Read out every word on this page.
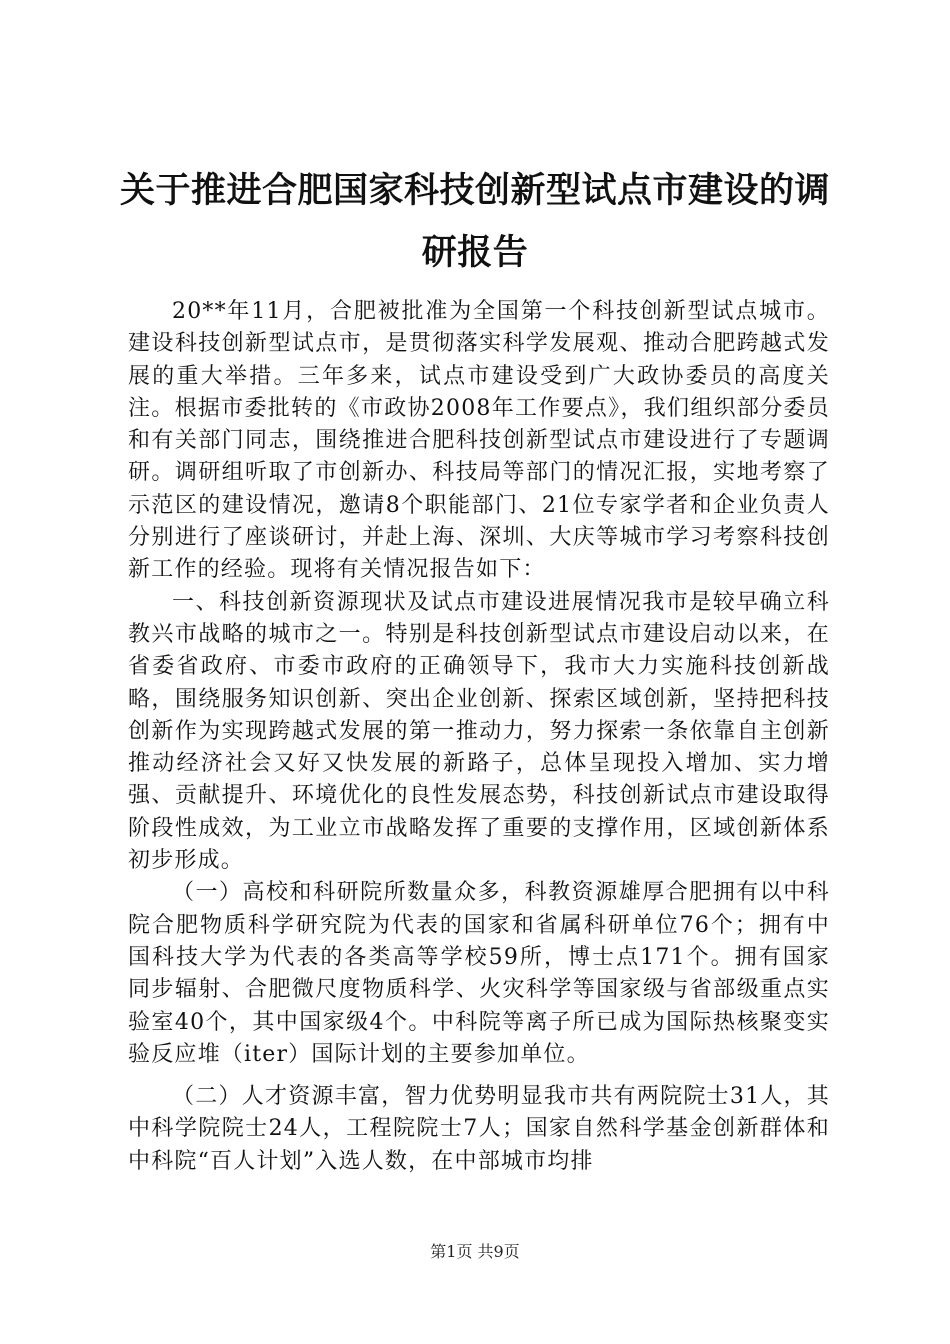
关于推进合肥国家科技创新型试点市建设的调研报告

20**年11月，合肥被批准为全国第一个科技创新型试点城市。建设科技创新型试点市，是贯彻落实科学发展观、推动合肥跨越式发展的重大举措。三年多来，试点市建设受到广大政协委员的高度关注。根据市委批转的《市政协2008年工作要点》，我们组织部分委员和有关部门同志，围绕推进合肥科技创新型试点市建设进行了专题调研。调研组听取了市创新办、科技局等部门的情况汇报，实地考察了示范区的建设情况，邀请8个职能部门、21位专家学者和企业负责人分别进行了座谈研讨，并赴上海、深圳、大庆等城市学习考察科技创新工作的经验。现将有关情况报告如下：

一、科技创新资源现状及试点市建设进展情况我市是较早确立科教兴市战略的城市之一。特别是科技创新型试点市建设启动以来，在省委省政府、市委市政府的正确领导下，我市大力实施科技创新战略，围绕服务知识创新、突出企业创新、探索区域创新，坚持把科技创新作为实现跨越式发展的第一推动力，努力探索一条依靠自主创新推动经济社会又好又快发展的新路子，总体呈现投入增加、实力增强、贡献提升、环境优化的良性发展态势，科技创新试点市建设取得阶段性成效，为工业立市战略发挥了重要的支撑作用，区域创新体系初步形成。

（一）高校和科研院所数量众多，科教资源雄厚合肥拥有以中科院合肥物质科学研究院为代表的国家和省属科研单位76个；拥有中国科技大学为代表的各类高等学校59所，博士点171个。拥有国家同步辐射、合肥微尺度物质科学、火灾科学等国家级与省部级重点实验室40个，其中国家级4个。中科院等离子所已成为国际热核聚变实验反应堆（iter）国际计划的主要参加单位。

（二）人才资源丰富，智力优势明显我市共有两院院士31人，其中科学院院士24人，工程院院士7人；国家自然科学基金创新群体和中科院“百人计划”入选人数，在中部城市均排

第1页 共9页
